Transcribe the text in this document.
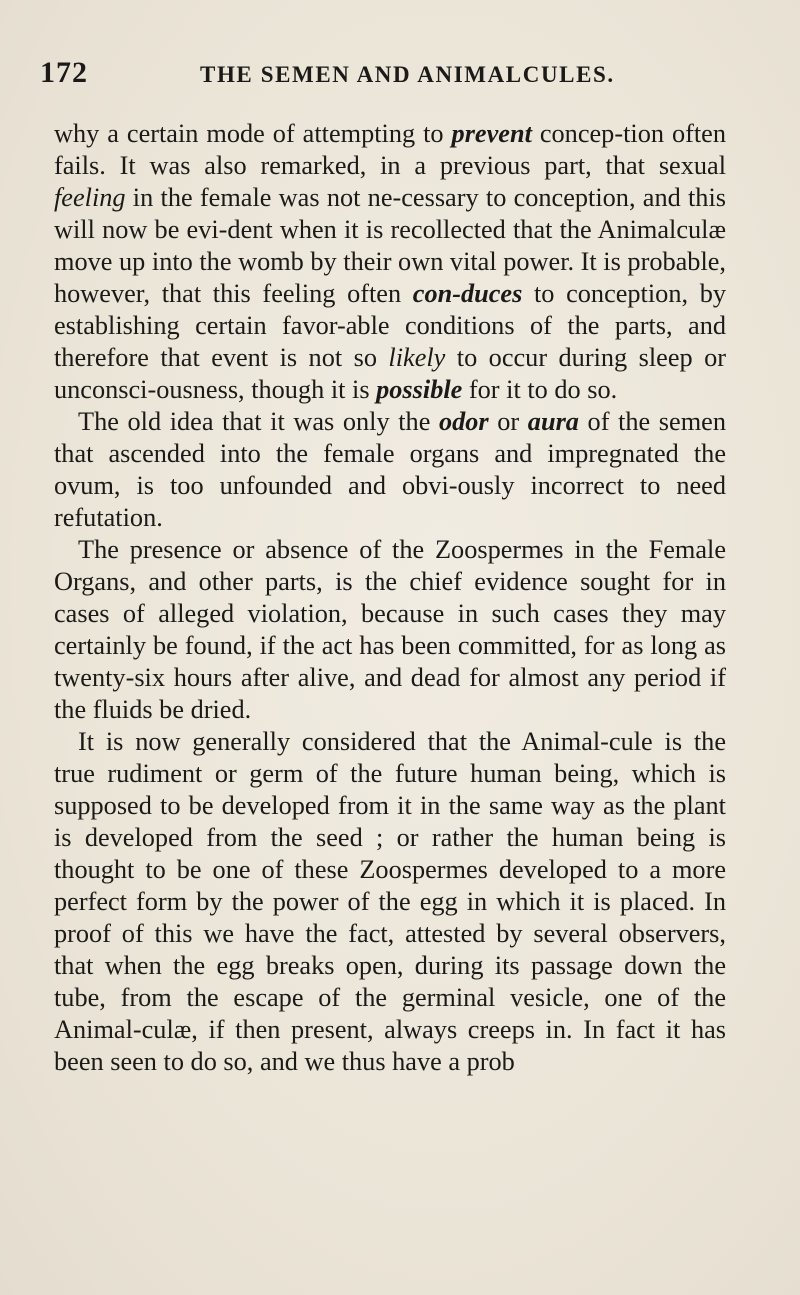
172	THE SEMEN AND ANIMALCULES.

why a certain mode of attempting to prevent concep-tion often fails. It was also remarked, in a previous part, that sexual feeling in the female was not ne-cessary to conception, and this will now be evi-dent when it is recollected that the Animalculæ move up into the womb by their own vital power. It is probable, however, that this feeling often con-duces to conception, by establishing certain favor-able conditions of the parts, and therefore that event is not so likely to occur during sleep or unconsci-ousness, though it is possible for it to do so.

The old idea that it was only the odor or aura of the semen that ascended into the female organs and impregnated the ovum, is too unfounded and obvi-ously incorrect to need refutation.

The presence or absence of the Zoospermes in the Female Organs, and other parts, is the chief evidence sought for in cases of alleged violation, because in such cases they may certainly be found, if the act has been committed, for as long as twenty-six hours after alive, and dead for almost any period if the fluids be dried.

It is now generally considered that the Animal-cule is the true rudiment or germ of the future human being, which is supposed to be developed from it in the same way as the plant is developed from the seed ; or rather the human being is thought to be one of these Zoospermes developed to a more perfect form by the power of the egg in which it is placed. In proof of this we have the fact, attested by several observers, that when the egg breaks open, during its passage down the tube, from the escape of the germinal vesicle, one of the Animal-culæ, if then present, always creeps in. In fact it has been seen to do so, and we thus have a prob
